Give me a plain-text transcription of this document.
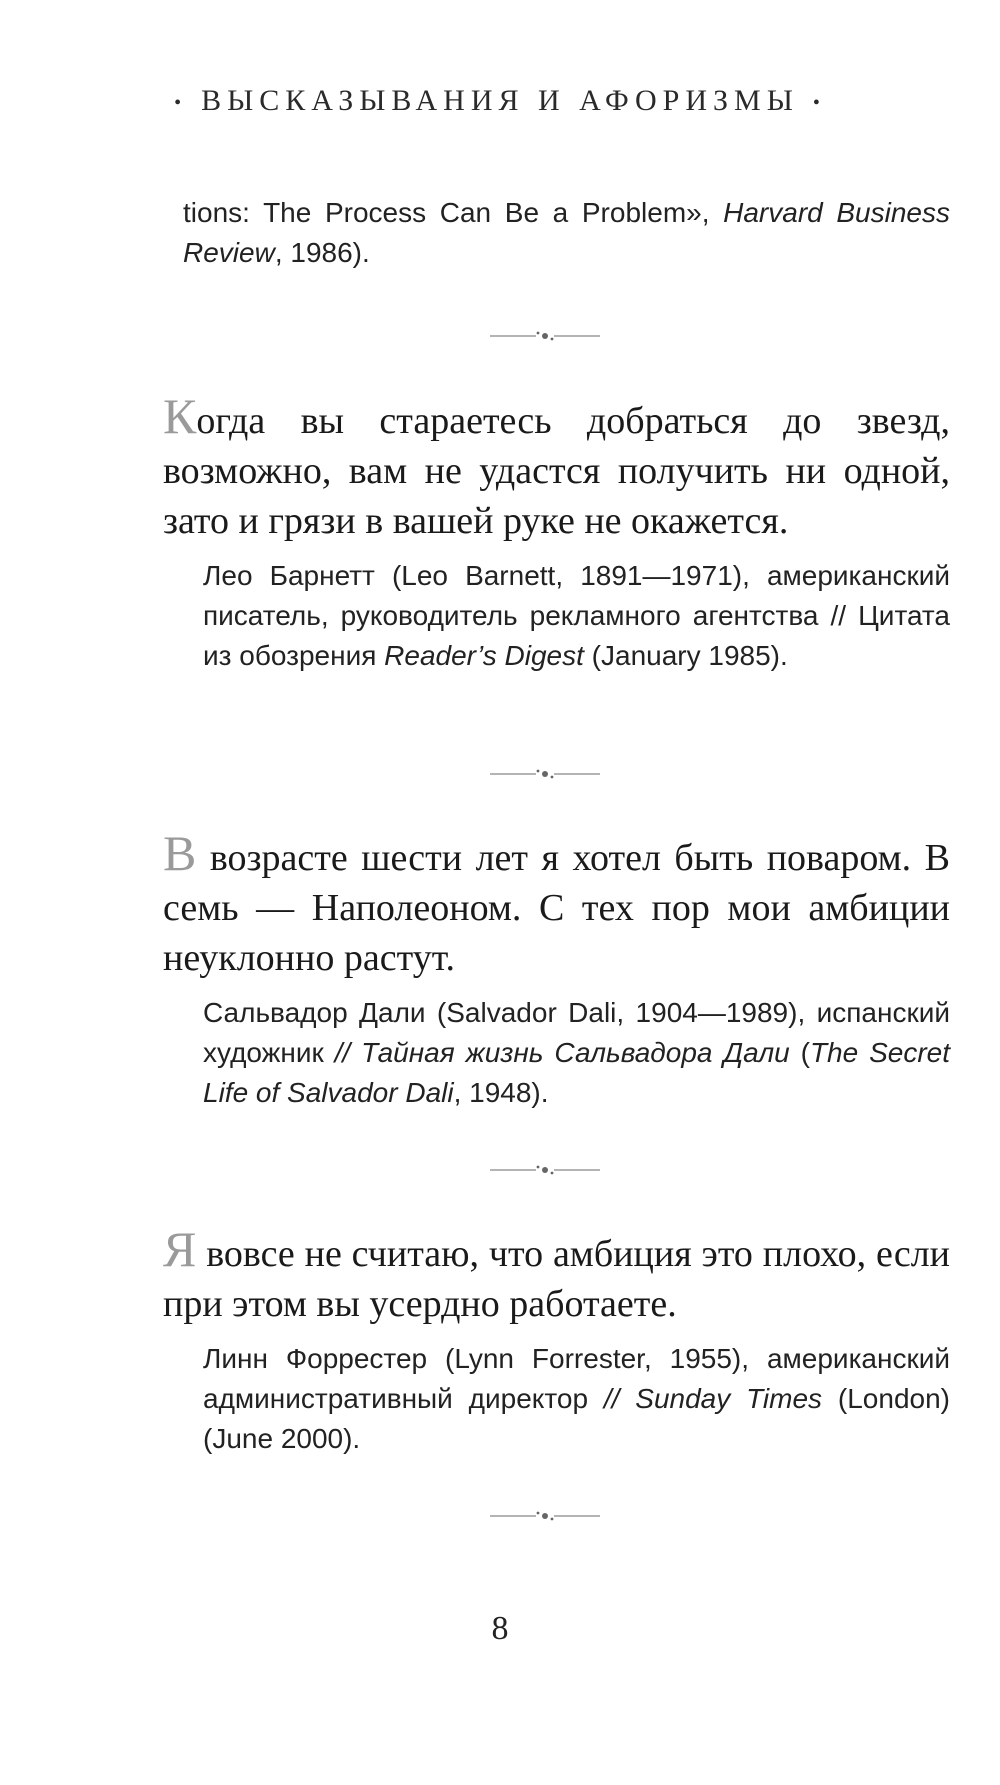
• ВЫСКАЗЫВАНИЯ И АФОРИЗМЫ •
tions: The Process Can Be a Problem», Harvard Business Review, 1986).
Когда вы стараетесь добраться до звезд, возможно, вам не удастся получить ни одной, зато и грязи в вашей руке не окажется.
Лео Барнетт (Leo Barnett, 1891—1971), американский писатель, руководитель рекламного агентства // Цитата из обозрения Reader’s Digest (January 1985).
В возрасте шести лет я хотел быть поваром. В семь — Наполеоном. С тех пор мои амбиции неуклонно растут.
Сальвадор Дали (Salvador Dali, 1904—1989), испанский художник // Тайная жизнь Сальвадора Дали (The Secret Life of Salvador Dali, 1948).
Я вовсе не считаю, что амбиция это плохо, если при этом вы усердно работаете.
Линн Форрестер (Lynn Forrester, 1955), американский административный директор // Sunday Times (London) (June 2000).
8
